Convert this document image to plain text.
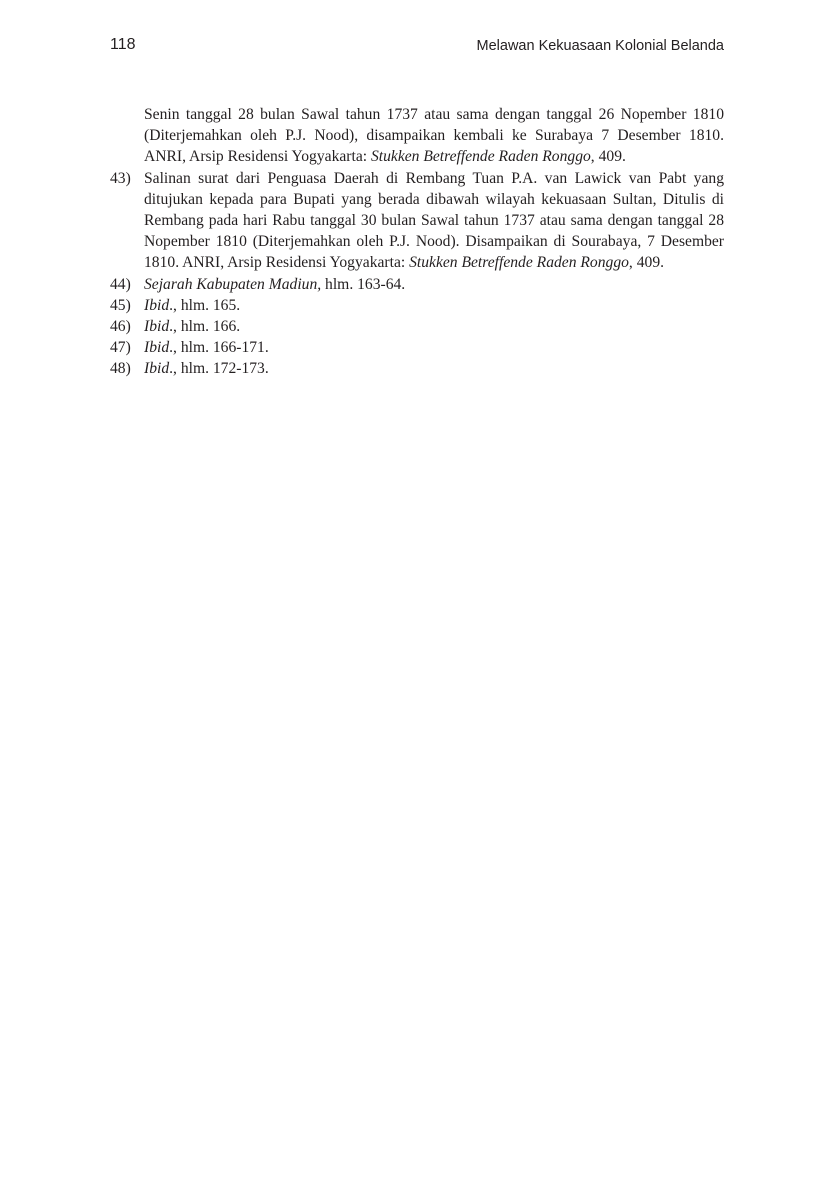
118	Melawan Kekuasaan Kolonial Belanda
Senin tanggal 28 bulan Sawal tahun 1737 atau sama dengan tanggal 26 Nopember 1810 (Diterjemahkan oleh P.J. Nood), disampaikan kembali ke Surabaya 7 Desember 1810. ANRI, Arsip Residensi Yogyakarta: Stukken Betreffende Raden Ronggo, 409.
43) Salinan surat dari Penguasa Daerah di Rembang Tuan P.A. van Lawick van Pabt yang ditujukan kepada para Bupati yang berada dibawah wilayah kekuasaan Sultan, Ditulis di Rembang pada hari Rabu tanggal 30 bulan Sawal tahun 1737 atau sama dengan tanggal 28 Nopember 1810 (Diterjemahkan oleh P.J. Nood). Disampaikan di Sourabaya, 7 Desember 1810. ANRI, Arsip Residensi Yogyakarta: Stukken Betreffende Raden Ronggo, 409.
44) Sejarah Kabupaten Madiun, hlm. 163-64.
45) Ibid., hlm. 165.
46) Ibid., hlm. 166.
47) Ibid., hlm. 166-171.
48) Ibid., hlm. 172-173.
